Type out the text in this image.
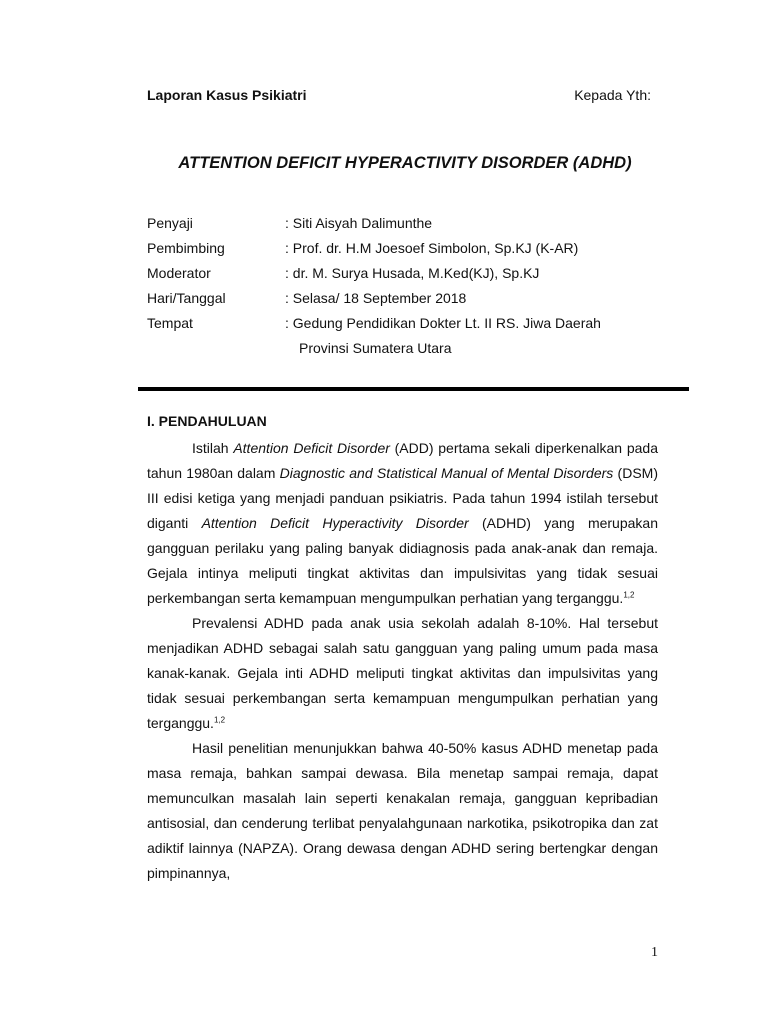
Laporan Kasus Psikiatri	Kepada Yth:
ATTENTION DEFICIT HYPERACTIVITY DISORDER (ADHD)
Penyaji	: Siti Aisyah Dalimunthe
Pembimbing	: Prof. dr. H.M Joesoef Simbolon, Sp.KJ (K-AR)
Moderator	: dr. M. Surya Husada, M.Ked(KJ), Sp.KJ
Hari/Tanggal	: Selasa/ 18 September 2018
Tempat	: Gedung Pendidikan Dokter Lt. II RS. Jiwa Daerah
Provinsi Sumatera Utara
I. PENDAHULUAN

Istilah Attention Deficit Disorder (ADD) pertama sekali diperkenalkan pada tahun 1980an dalam Diagnostic and Statistical Manual of Mental Disorders (DSM) III edisi ketiga yang menjadi panduan psikiatris. Pada tahun 1994 istilah tersebut diganti Attention Deficit Hyperactivity Disorder (ADHD) yang merupakan gangguan perilaku yang paling banyak didiagnosis pada anak-anak dan remaja. Gejala intinya meliputi tingkat aktivitas dan impulsivitas yang tidak sesuai perkembangan serta kemampuan mengumpulkan perhatian yang terganggu.$^{1,2}$

Prevalensi ADHD pada anak usia sekolah adalah 8-10%. Hal tersebut menjadikan ADHD sebagai salah satu gangguan yang paling umum pada masa kanak-kanak. Gejala inti ADHD meliputi tingkat aktivitas dan impulsivitas yang tidak sesuai perkembangan serta kemampuan mengumpulkan perhatian yang terganggu.$^{1,2}$

Hasil penelitian menunjukkan bahwa 40-50% kasus ADHD menetap pada masa remaja, bahkan sampai dewasa. Bila menetap sampai remaja, dapat memunculkan masalah lain seperti kenakalan remaja, gangguan kepribadian antisosial, dan cenderung terlibat penyalahgunaan narkotika, psikotropika dan zat adiktif lainnya (NAPZA). Orang dewasa dengan ADHD sering bertengkar dengan pimpinannya,

1
